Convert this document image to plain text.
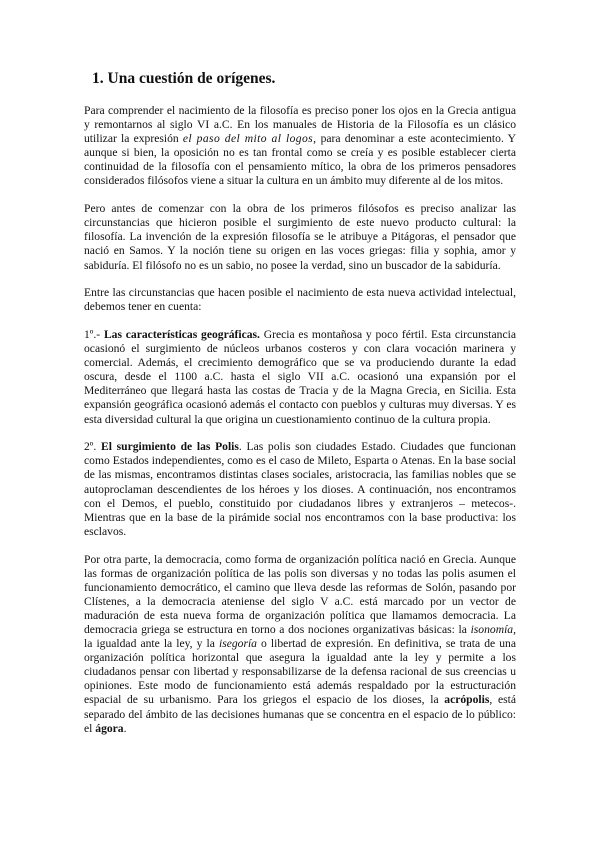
1. Una cuestión de orígenes.

Para comprender el nacimiento de la filosofía es preciso poner los ojos en la Grecia antigua y remontarnos al siglo VI a.C. En los manuales de Historia de la Filosofía es un clásico utilizar la expresión el paso del mito al logos, para denominar a este acontecimiento. Y aunque si bien, la oposición no es tan frontal como se creía y es posible establecer cierta continuidad de la filosofía con el pensamiento mítico, la obra de los primeros pensadores considerados filósofos viene a situar la cultura en un ámbito muy diferente al de los mitos.

Pero antes de comenzar con la obra de los primeros filósofos es preciso analizar las circunstancias que hicieron posible el surgimiento de este nuevo producto cultural: la filosofía. La invención de la expresión filosofía se le atribuye a Pitágoras, el pensador que nació en Samos. Y la noción tiene su origen en las voces griegas: filia y sophia, amor y sabiduría. El filósofo no es un sabio, no posee la verdad, sino un buscador de la sabiduría.

Entre las circunstancias que hacen posible el nacimiento de esta nueva actividad intelectual, debemos tener en cuenta:

1º.- Las características geográficas. Grecia es montañosa y poco fértil. Esta circunstancia ocasionó el surgimiento de núcleos urbanos costeros y con clara vocación marinera y comercial. Además, el crecimiento demográfico que se va produciendo durante la edad oscura, desde el 1100 a.C. hasta el siglo VII a.C. ocasionó una expansión por el Mediterráneo que llegará hasta las costas de Tracia y de la Magna Grecia, en Sicilia. Esta expansión geográfica ocasionó además el contacto con pueblos y culturas muy diversas. Y es esta diversidad cultural la que origina un cuestionamiento continuo de la cultura propia.

2º. El surgimiento de las Polis. Las polis son ciudades Estado. Ciudades que funcionan como Estados independientes, como es el caso de Mileto, Esparta o Atenas. En la base social de las mismas, encontramos distintas clases sociales, aristocracia, las familias nobles que se autoproclaman descendientes de los héroes y los dioses. A continuación, nos encontramos con el Demos, el pueblo, constituido por ciudadanos libres y extranjeros – metecos-. Mientras que en la base de la pirámide social nos encontramos con la base productiva: los esclavos.

Por otra parte, la democracia, como forma de organización política nació en Grecia. Aunque las formas de organización política de las polis son diversas y no todas las polis asumen el funcionamiento democrático, el camino que lleva desde las reformas de Solón, pasando por Clístenes, a la democracia ateniense del siglo V a.C. está marcado por un vector de maduración de esta nueva forma de organización política que llamamos democracia. La democracia griega se estructura en torno a dos nociones organizativas básicas: la isonomía, la igualdad ante la ley, y la isegoría o libertad de expresión. En definitiva, se trata de una organización política horizontal que asegura la igualdad ante la ley y permite a los ciudadanos pensar con libertad y responsabilizarse de la defensa racional de sus creencias u opiniones. Este modo de funcionamiento está además respaldado por la estructuración espacial de su urbanismo. Para los griegos el espacio de los dioses, la acrópolis, está separado del ámbito de las decisiones humanas que se concentra en el espacio de lo público: el ágora.
